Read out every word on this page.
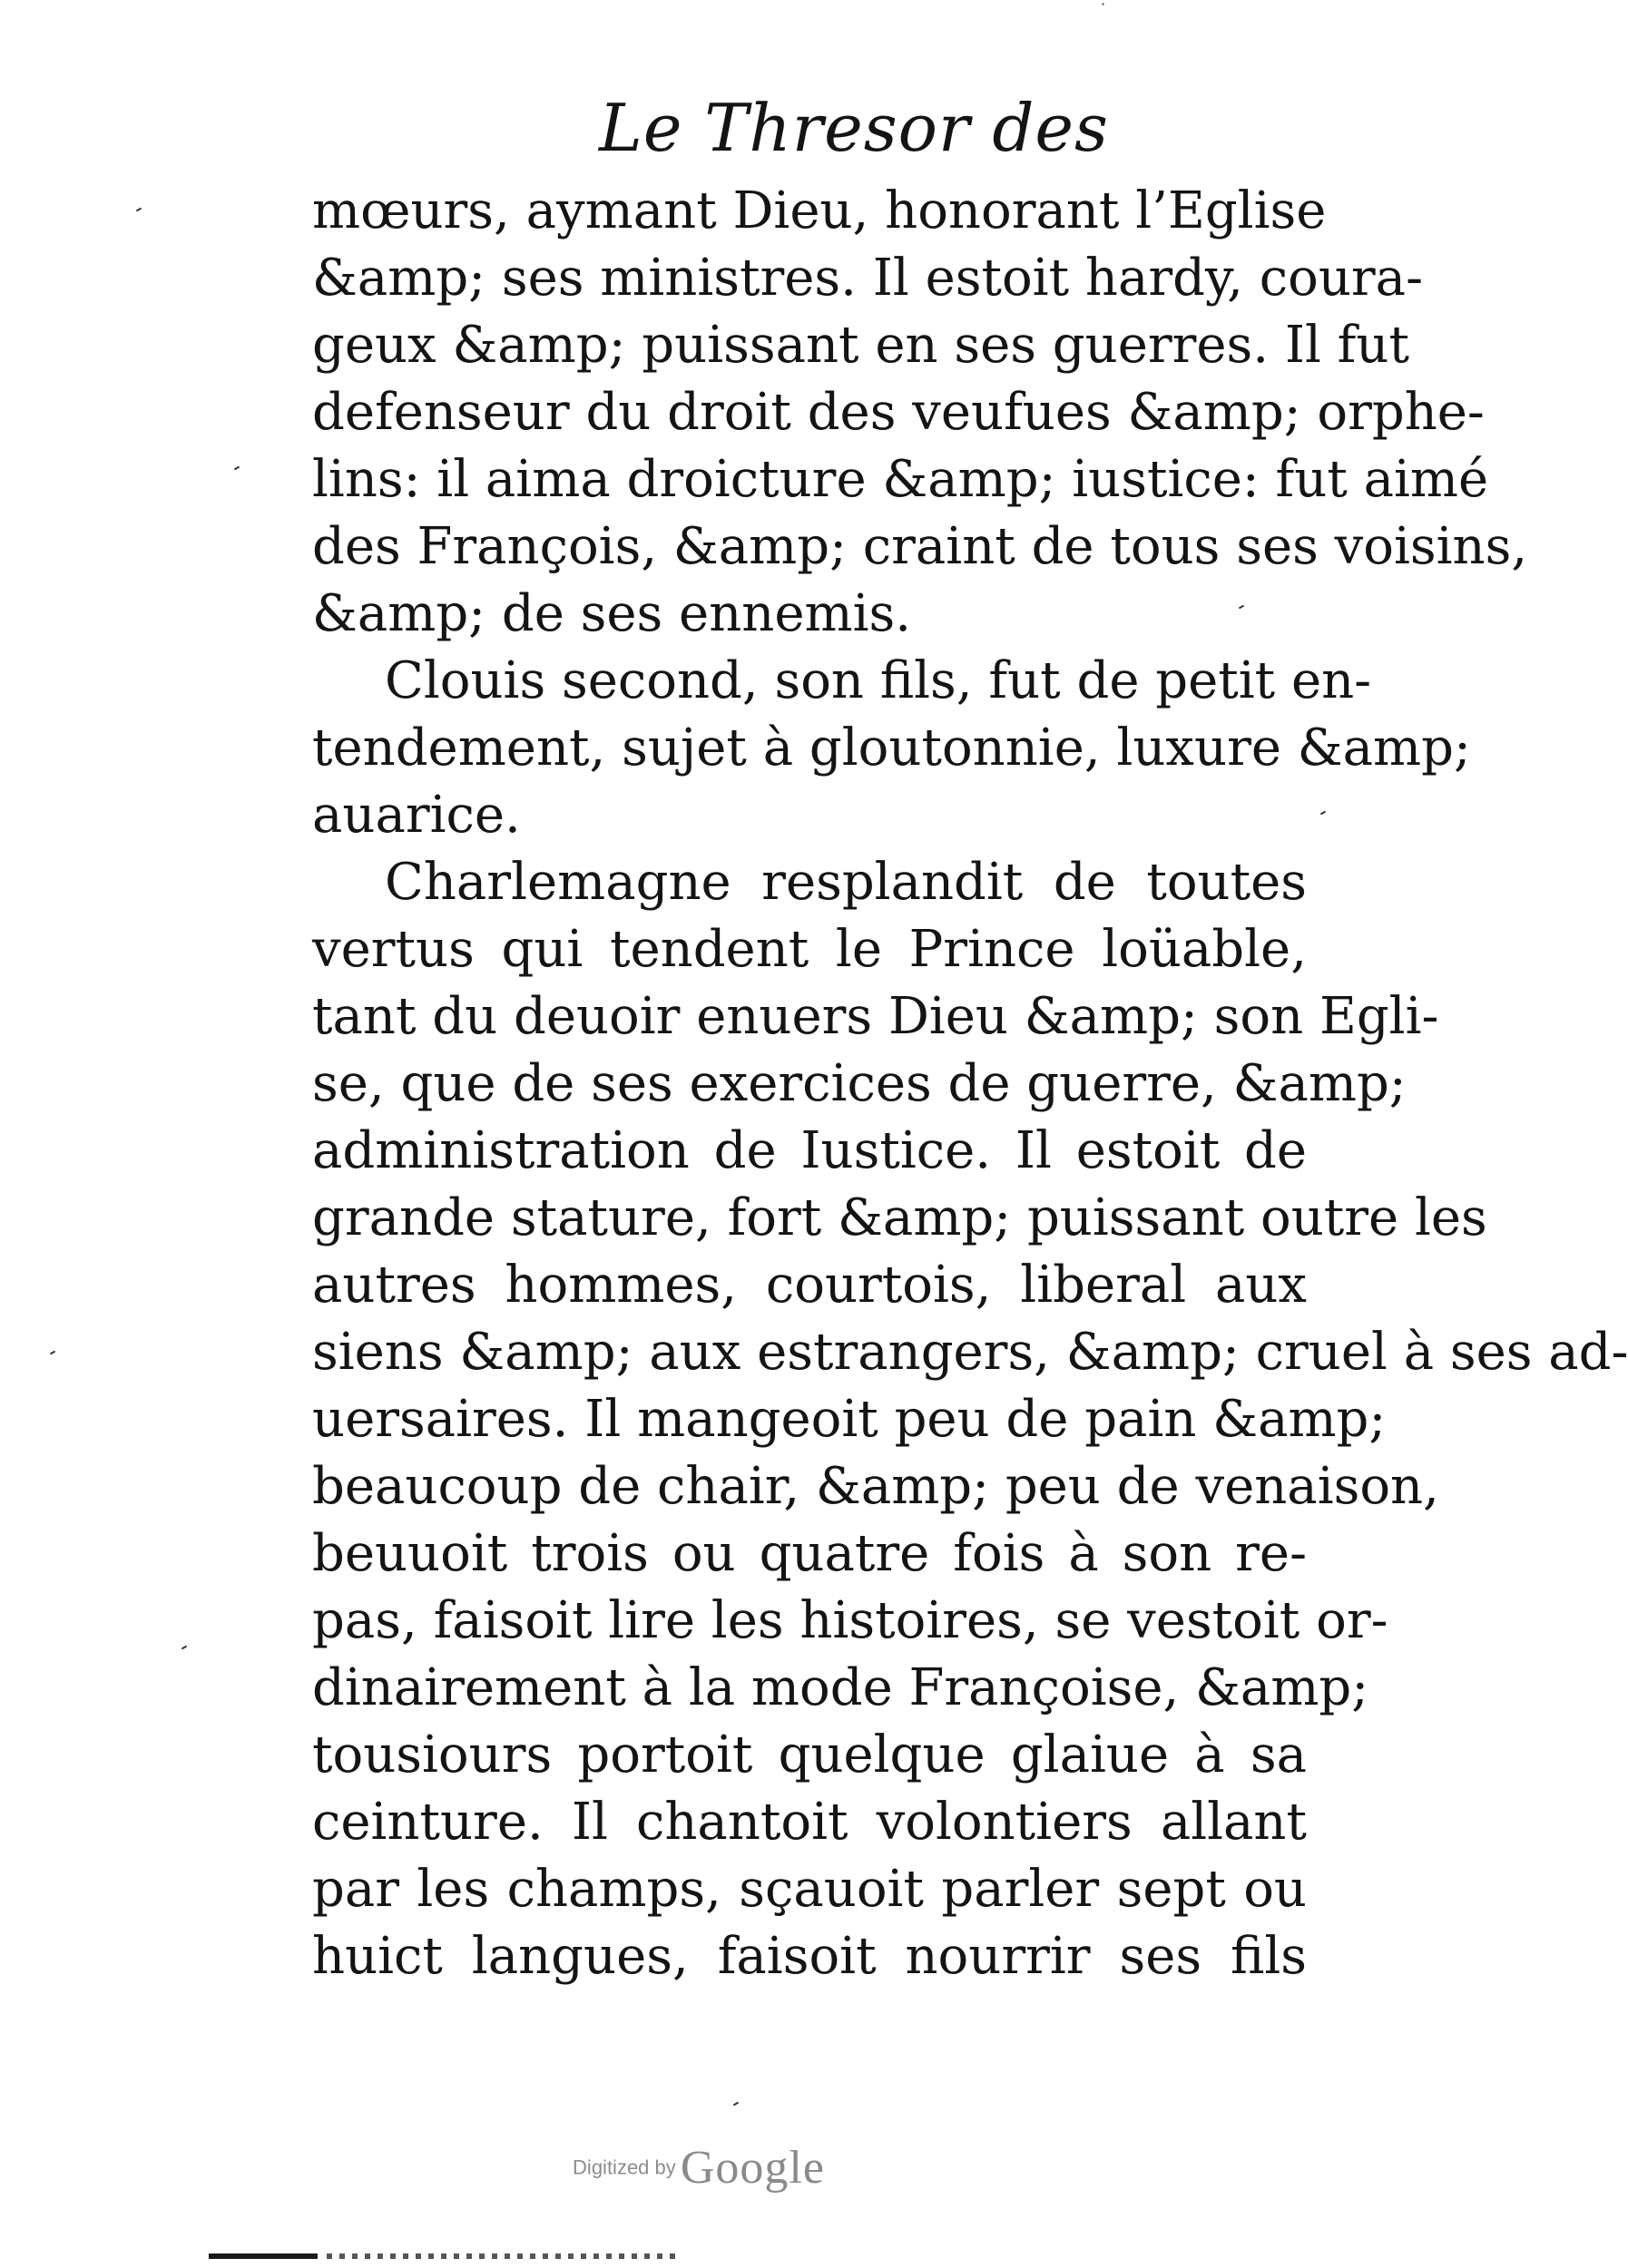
·
Le Thresor des
mœurs, aymant Dieu, honorant l’Eglise
&amp; ses ministres. Il estoit hardy, coura-
geux &amp; puissant en ses guerres. Il fut
defenseur du droit des veufues &amp; orphe-
lins: il aima droicture &amp; iustice: fut aimé
des François, &amp; craint de tous ses voisins,
&amp; de ses ennemis.
Clouis second, son fils, fut de petit en-
tendement, sujet à gloutonnie, luxure &amp;
auarice.
Charlemagne resplandit de toutes
vertus qui tendent le Prince loüable,
tant du deuoir enuers Dieu &amp; son Egli-
se, que de ses exercices de guerre, &amp;
administration de Iustice. Il estoit de
grande stature, fort &amp; puissant outre les
autres hommes, courtois, liberal aux
siens &amp; aux estrangers, &amp; cruel à ses ad-
uersaires. Il mangeoit peu de pain &amp;
beaucoup de chair, &amp; peu de venaison,
beuuoit trois ou quatre fois à son re-
pas, faisoit lire les histoires, se vestoit or-
dinairement à la mode Françoise, &amp;
tousiours portoit quelque glaiue à sa
ceinture. Il chantoit volontiers allant
par les champs, sçauoit parler sept ou
huict langues, faisoit nourrir ses fils
Digitized by Google
